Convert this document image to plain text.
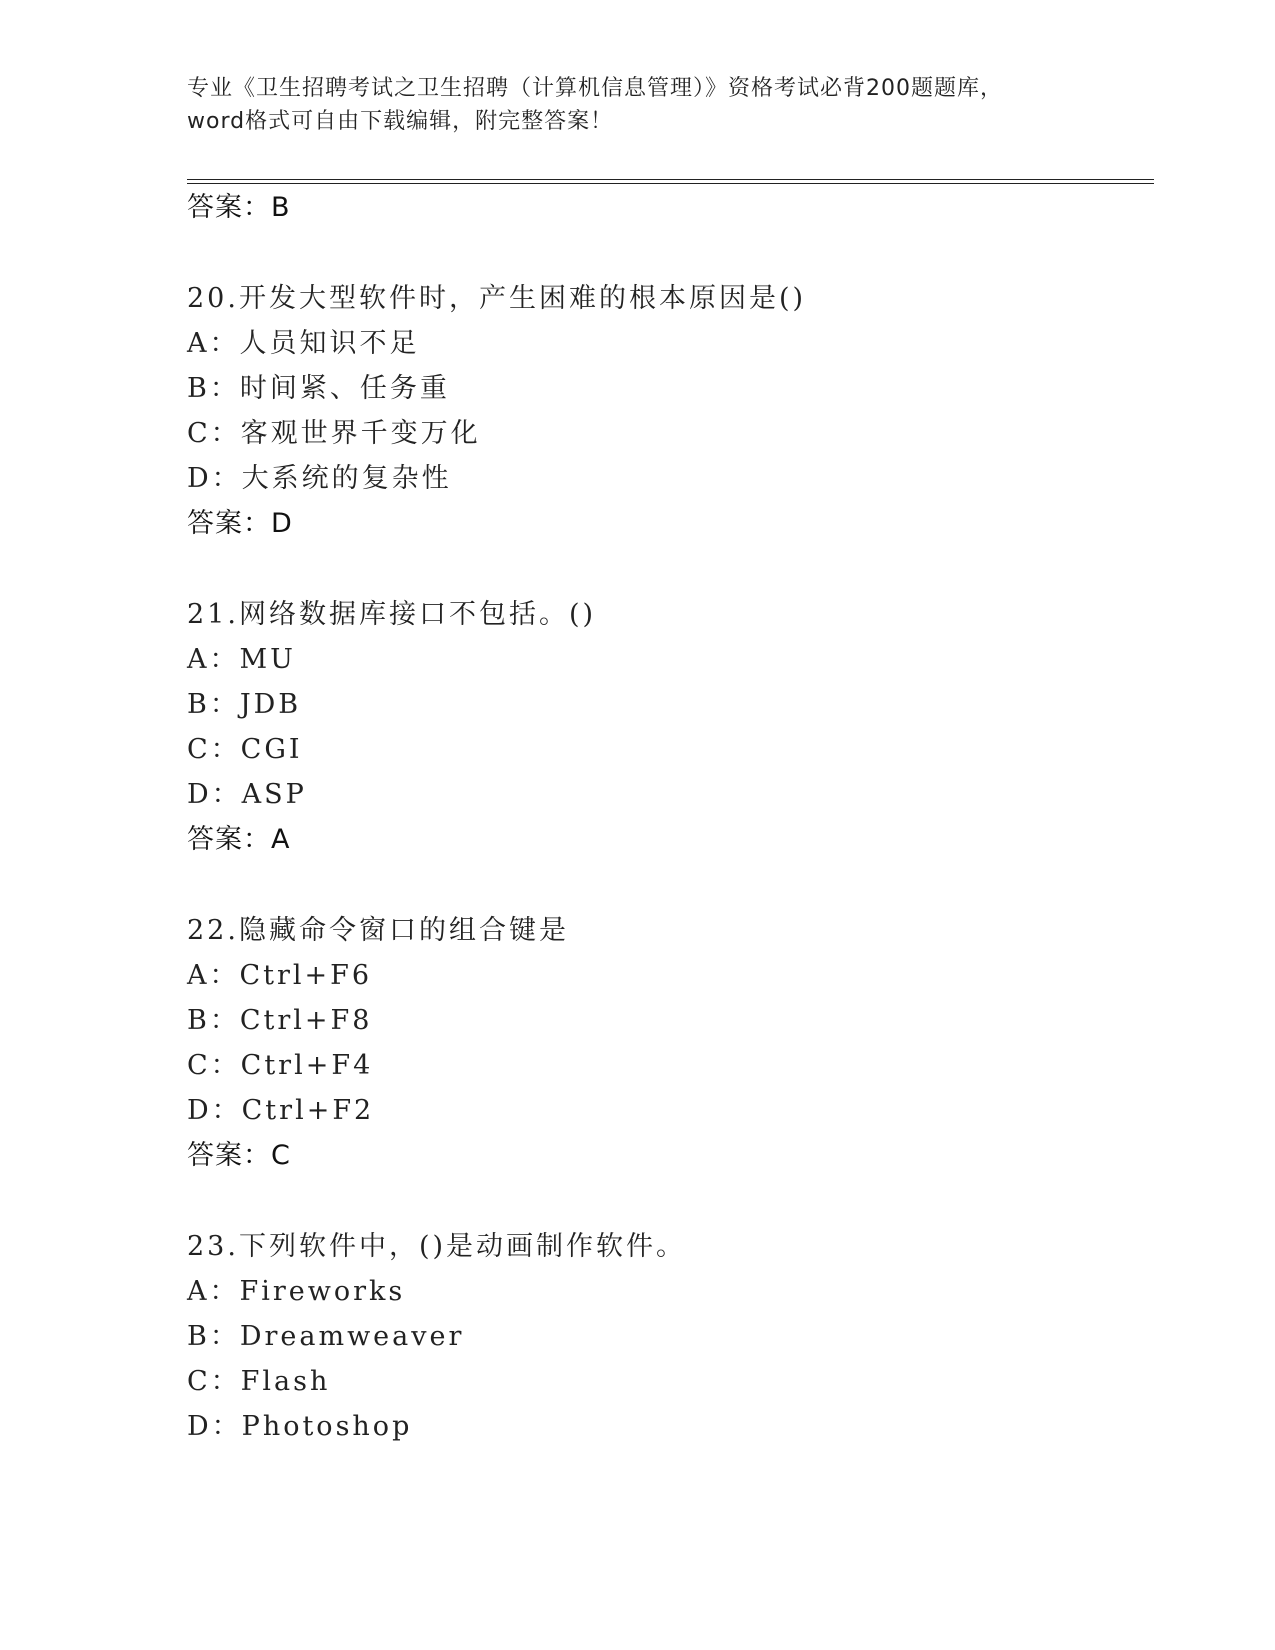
专业《卫生招聘考试之卫生招聘（计算机信息管理）》资格考试必背200题题库，
word格式可自由下载编辑，附完整答案！
答案：B
20.开发大型软件时，产生困难的根本原因是()
A：人员知识不足
B：时间紧、任务重
C：客观世界千变万化
D：大系统的复杂性
答案：D
21.网络数据库接口不包括。()
A：MU
B：JDB
C：CGI
D：ASP
答案：A
22.隐藏命令窗口的组合键是
A：Ctrl+F6
B：Ctrl+F8
C：Ctrl+F4
D：Ctrl+F2
答案：C
23.下列软件中，()是动画制作软件。
A：Fireworks
B：Dreamweaver
C：Flash
D：Photoshop
